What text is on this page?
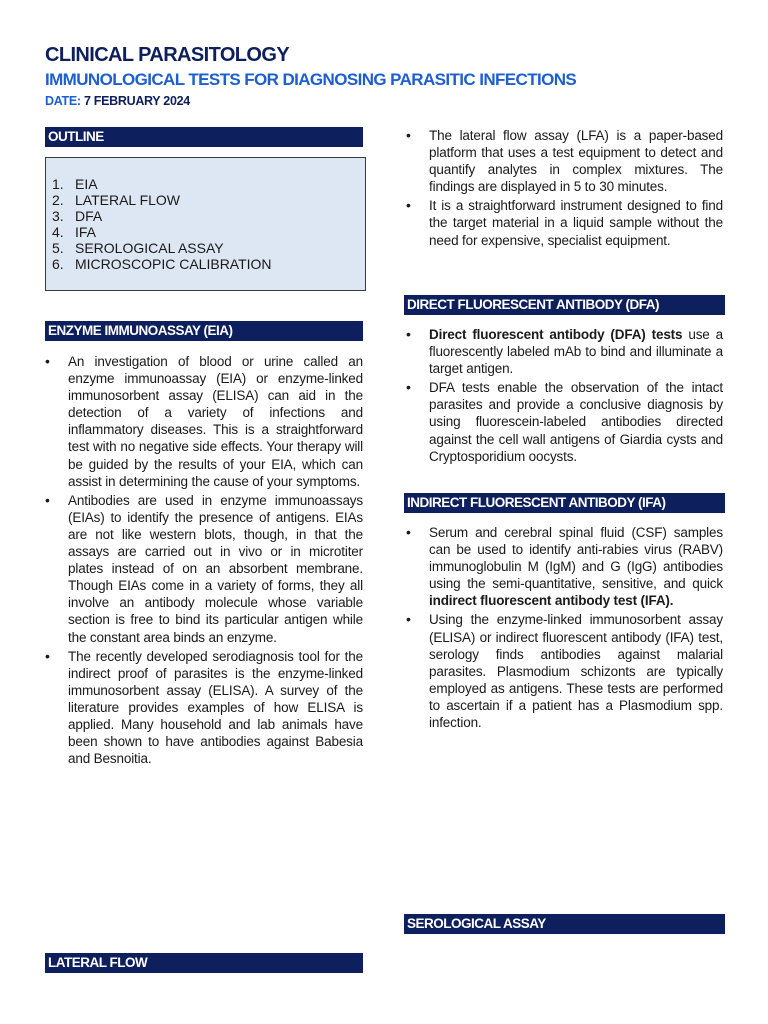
CLINICAL PARASITOLOGY
IMMUNOLOGICAL TESTS FOR DIAGNOSING PARASITIC INFECTIONS
DATE: 7 FEBRUARY 2024
OUTLINE
1. EIA
2. LATERAL FLOW
3. DFA
4. IFA
5. SEROLOGICAL ASSAY
6. MICROSCOPIC CALIBRATION
ENZYME IMMUNOASSAY (EIA)
• An investigation of blood or urine called an enzyme immunoassay (EIA) or enzyme-linked immunosorbent assay (ELISA) can aid in the detection of a variety of infections and inflammatory diseases. This is a straightforward test with no negative side effects. Your therapy will be guided by the results of your EIA, which can assist in determining the cause of your symptoms.
• Antibodies are used in enzyme immunoassays (EIAs) to identify the presence of antigens. EIAs are not like western blots, though, in that the assays are carried out in vivo or in microtiter plates instead of on an absorbent membrane. Though EIAs come in a variety of forms, they all involve an antibody molecule whose variable section is free to bind its particular antigen while the constant area binds an enzyme.
• The recently developed serodiagnosis tool for the indirect proof of parasites is the enzyme-linked immunosorbent assay (ELISA). A survey of the literature provides examples of how ELISA is applied. Many household and lab animals have been shown to have antibodies against Babesia and Besnoitia.
LATERAL FLOW
• The lateral flow assay (LFA) is a paper-based platform that uses a test equipment to detect and quantify analytes in complex mixtures. The findings are displayed in 5 to 30 minutes.
• It is a straightforward instrument designed to find the target material in a liquid sample without the need for expensive, specialist equipment.
DIRECT FLUORESCENT ANTIBODY (DFA)
• Direct fluorescent antibody (DFA) tests use a fluorescently labeled mAb to bind and illuminate a target antigen.
• DFA tests enable the observation of the intact parasites and provide a conclusive diagnosis by using fluorescein-labeled antibodies directed against the cell wall antigens of Giardia cysts and Cryptosporidium oocysts.
INDIRECT FLUORESCENT ANTIBODY (IFA)
• Serum and cerebral spinal fluid (CSF) samples can be used to identify anti-rabies virus (RABV) immunoglobulin M (IgM) and G (IgG) antibodies using the semi-quantitative, sensitive, and quick indirect fluorescent antibody test (IFA).
• Using the enzyme-linked immunosorbent assay (ELISA) or indirect fluorescent antibody (IFA) test, serology finds antibodies against malarial parasites. Plasmodium schizonts are typically employed as antigens. These tests are performed to ascertain if a patient has a Plasmodium spp. infection.
SEROLOGICAL ASSAY
